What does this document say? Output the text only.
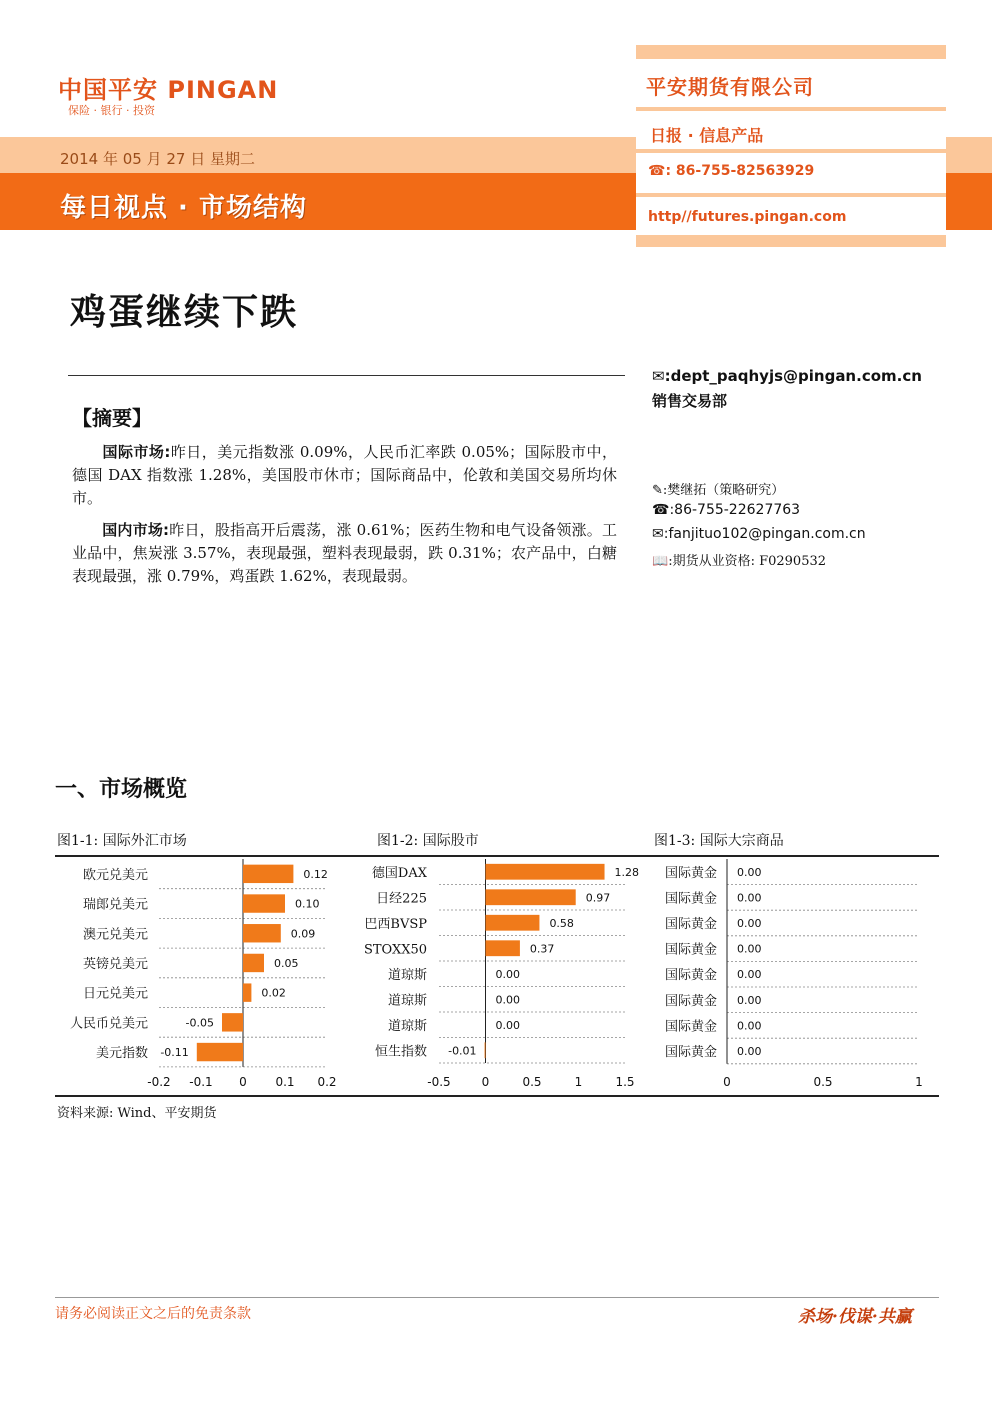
中国平安 PINGAN
保险 · 银行 · 投资
2014 年 05 月 27 日 星期二
每日视点 · 市场结构
平安期货有限公司
日报 · 信息产品
☎: 86-755-82563929
http//futures.pingan.com
鸡蛋继续下跌
✉:dept_paqhyjs@pingan.com.cn
销售交易部
✎:樊继拓（策略研究）
☎:86-755-22627763
✉:fanjituo102@pingan.com.cn
📖:期货从业资格: F0290532
【摘要】
国际市场:昨日，美元指数涨 0.09%，人民币汇率跌 0.05%；国际股市中，德国 DAX 指数涨 1.28%，美国股市休市；国际商品中，伦敦和美国交易所均休市。
国内市场:昨日，股指高开后震荡，涨 0.61%；医药生物和电气设备领涨。工业品中，焦炭涨 3.57%，表现最强，塑料表现最弱，跌 0.31%；农产品中，白糖表现最强，涨 0.79%，鸡蛋跌 1.62%，表现最弱。
一、市场概览
图1-1: 国际外汇市场	图1-2: 国际股市	图1-3: 国际大宗商品
欧元兑美元	0.12
瑞郎兑美元	0.10
澳元兑美元	0.09
英镑兑美元	0.05
日元兑美元	0.02
人民币兑美元	-0.05
美元指数 -0.11
-0.2 -0.1 0 0.1 0.2
德国DAX	1.28
日经225	0.97
巴西BVSP	0.58
STOXX50	0.37
道琼斯	0.00
道琼斯	0.00
道琼斯	0.00
恒生指数 -0.01
-0.5	0	0.5	1	1.5
国际黄金 0.00
国际黄金 0.00
国际黄金 0.00
国际黄金 0.00
国际黄金 0.00
国际黄金 0.00
国际黄金 0.00
国际黄金 0.00
0	0.5	1
资料来源: Wind、平安期货
请务必阅读正文之后的免责条款	杀场·伐谋·共赢
